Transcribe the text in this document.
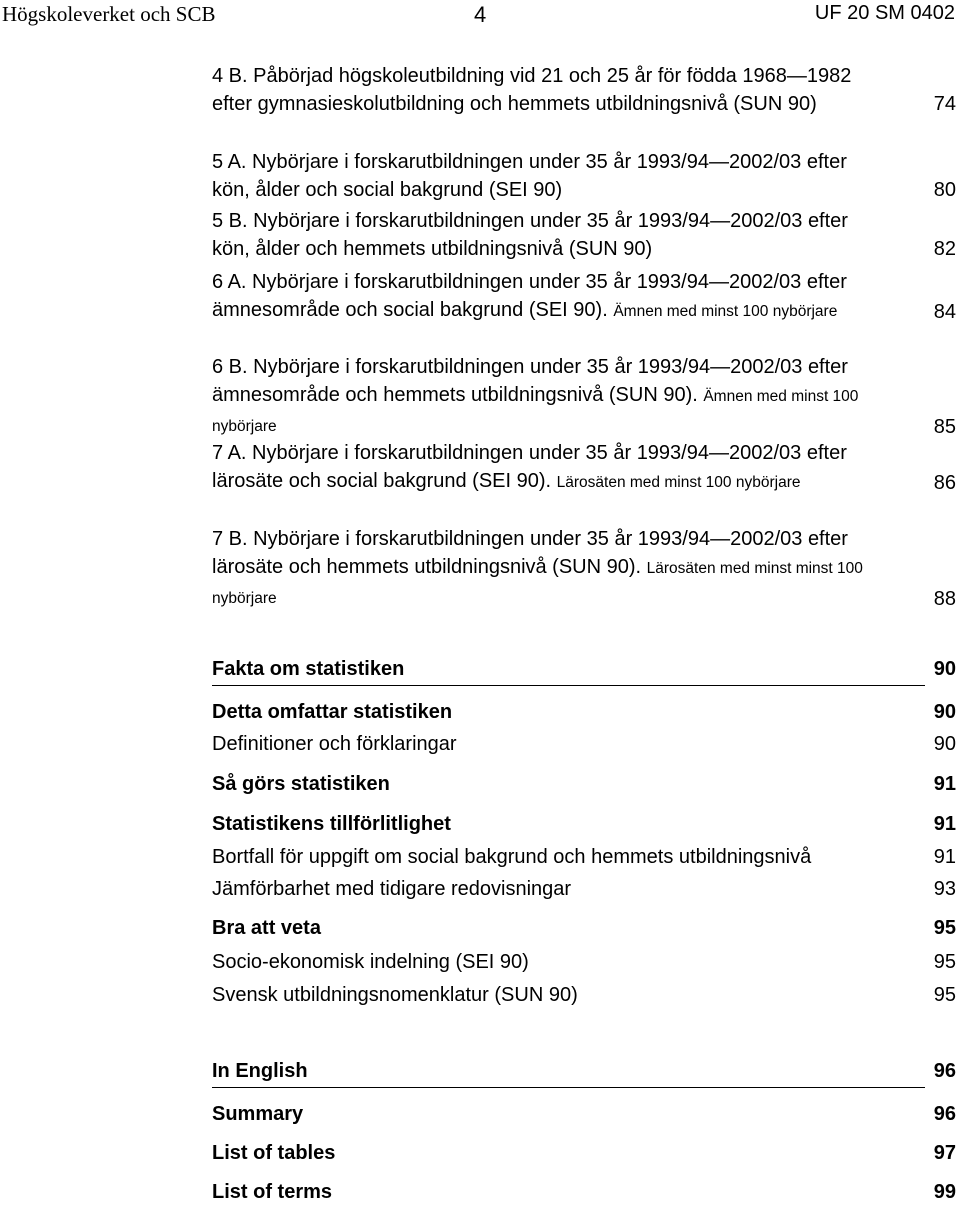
Högskoleverket och SCB	4	UF 20 SM 0402
4 B. Påbörjad högskoleutbildning vid 21 och 25 år för födda 1968—1982 efter gymnasieskolutbildning och hemmets utbildningsnivå (SUN 90)	74
5 A. Nybörjare i forskarutbildningen under 35 år 1993/94—2002/03 efter kön, ålder och social bakgrund (SEI 90)	80
5 B. Nybörjare i forskarutbildningen under 35 år 1993/94—2002/03 efter kön, ålder och hemmets utbildningsnivå (SUN 90)	82
6 A. Nybörjare i forskarutbildningen under 35 år 1993/94—2002/03 efter ämnesområde och social bakgrund (SEI 90). Ämnen med minst 100 nybörjare	84
6 B. Nybörjare i forskarutbildningen under 35 år 1993/94—2002/03 efter ämnesområde och hemmets utbildningsnivå (SUN 90). Ämnen med minst 100 nybörjare	85
7 A. Nybörjare i forskarutbildningen under 35 år 1993/94—2002/03 efter lärosäte och social bakgrund (SEI 90). Lärosäten med minst 100 nybörjare	86
7 B. Nybörjare i forskarutbildningen under 35 år 1993/94—2002/03 efter lärosäte och hemmets utbildningsnivå (SUN 90). Lärosäten med minst minst 100 nybörjare	88
Fakta om statistiken	90
Detta omfattar statistiken	90
Definitioner och förklaringar	90
Så görs statistiken	91
Statistikens tillförlitlighet	91
Bortfall för uppgift om social bakgrund och hemmets utbildningsnivå	91
Jämförbarhet med tidigare redovisningar	93
Bra att veta	95
Socio-ekonomisk indelning (SEI 90)	95
Svensk utbildningsnomenklatur (SUN 90)	95
In English	96
Summary	96
List of tables	97
List of terms	99
